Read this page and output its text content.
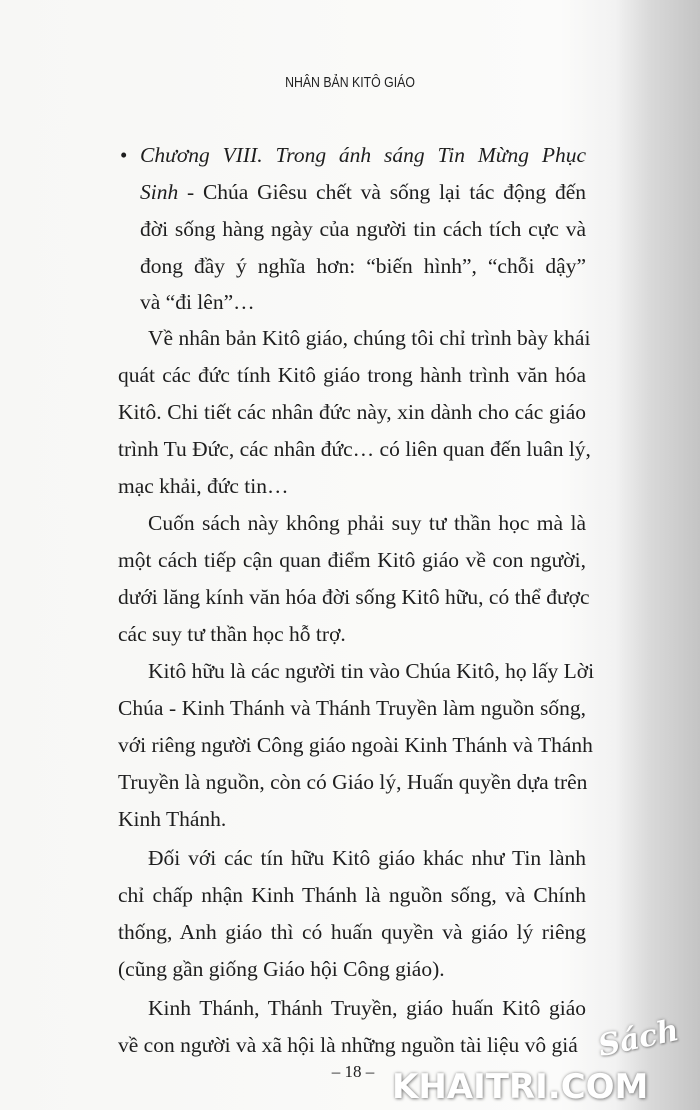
NHÂN BẢN KITÔ GIÁO
• Chương VIII. Trong ánh sáng Tin Mừng Phục
Sinh - Chúa Giêsu chết và sống lại tác động đến
đời sống hàng ngày của người tin cách tích cực và
đong đầy ý nghĩa hơn: “biến hình”, “chỗi dậy”
và “đi lên”…
Về nhân bản Kitô giáo, chúng tôi chỉ trình bày khái
quát các đức tính Kitô giáo trong hành trình văn hóa
Kitô. Chi tiết các nhân đức này, xin dành cho các giáo
trình Tu Đức, các nhân đức… có liên quan đến luân lý,
mạc khải, đức tin…
Cuốn sách này không phải suy tư thần học mà là
một cách tiếp cận quan điểm Kitô giáo về con người,
dưới lăng kính văn hóa đời sống Kitô hữu, có thể được
các suy tư thần học hỗ trợ.
Kitô hữu là các người tin vào Chúa Kitô, họ lấy Lời
Chúa - Kinh Thánh và Thánh Truyền làm nguồn sống,
với riêng người Công giáo ngoài Kinh Thánh và Thánh
Truyền là nguồn, còn có Giáo lý, Huấn quyền dựa trên
Kinh Thánh.
Đối với các tín hữu Kitô giáo khác như Tin lành
chỉ chấp nhận Kinh Thánh là nguồn sống, và Chính
thống, Anh giáo thì có huấn quyền và giáo lý riêng
(cũng gần giống Giáo hội Công giáo).
Kinh Thánh, Thánh Truyền, giáo huấn Kitô giáo
về con người và xã hội là những nguồn tài liệu vô giá
– 18 –
Sách
KHAITRI.COM
